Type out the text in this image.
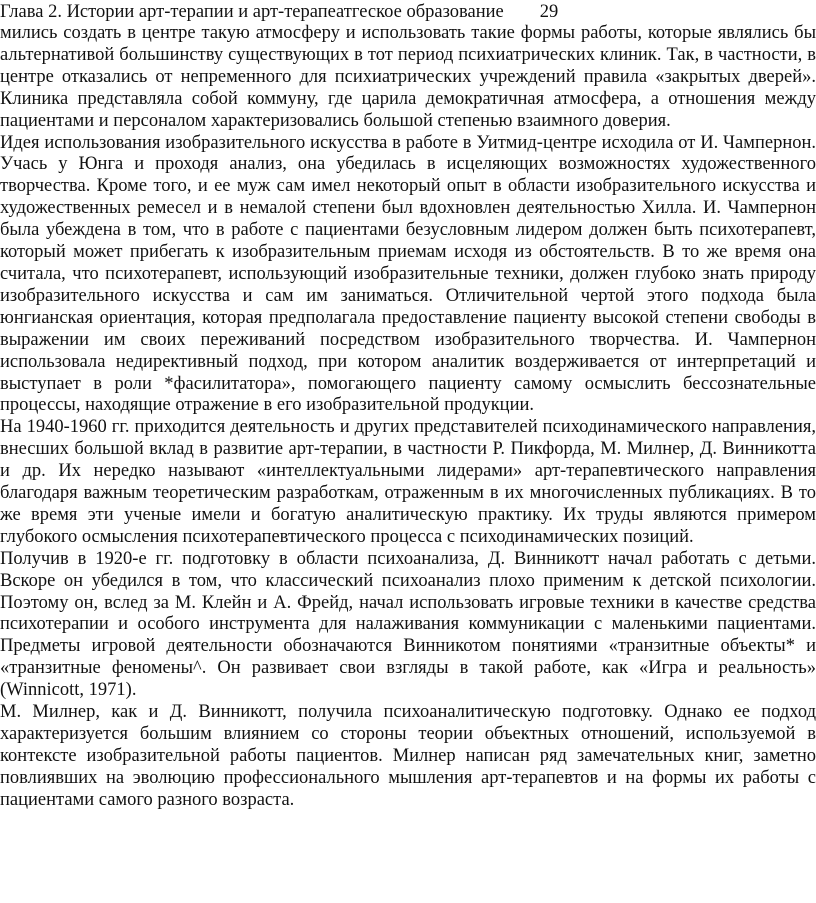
Глава 2. Истории арт-терапии и арт-терапеатгеское образование 29

мились создать в центре такую атмосферу и использовать такие формы работы, которые являлись бы альтернативой большинству существующих в тот период психиатрических клиник. Так, в частности, в центре отказались от непременного для психиатрических учреждений правила «закрытых дверей». Клиника представляла собой коммуну, где царила демократичная атмосфера, а отношения между пациентами и персоналом характеризовались большой степенью взаимного доверия.

Идея использования изобразительного искусства в работе в Уитмид-центре исходила от И. Чампернон. Учась у Юнга и проходя анализ, она убедилась в исцеляющих возможностях художественного творчества. Кроме того, и ее муж сам имел некоторый опыт в области изобразительного искусства и художественных ремесел и в немалой степени был вдохновлен деятельностью Хилла. И. Чампернон была убеждена в том, что в работе с пациентами безусловным лидером должен быть психотерапевт, который может прибегать к изобразительным приемам исходя из обстоятельств. В то же время она считала, что психотерапевт, использующий изобразительные техники, должен глубоко знать природу изобразительного искусства и сам им заниматься. Отличительной чертой этого подхода была юнгианская ориентация, которая предполагала предоставление пациенту высокой степени свободы в выражении им своих переживаний посредством изобразительного творчества. И. Чампернон использовала недирективный подход, при котором аналитик воздерживается от интерпретаций и выступает в роли *фасилитатора», помогающего пациенту самому осмыслить бессознательные процессы, находящие отражение в его изобразительной продукции.

На 1940-1960 гг. приходится деятельность и других представителей психодинамического направления, внесших большой вклад в развитие арт-терапии, в частности Р. Пикфорда, М. Милнер, Д. Винникотта и др. Их нередко называют «интеллектуальными лидерами» арт-терапевтического направления благодаря важным теоретическим разработкам, отраженным в их многочисленных публикациях. В то же время эти ученые имели и богатую аналитическую практику. Их труды являются примером глубокого осмысления психотерапевтического процесса с психодинамических позиций.

Получив в 1920-е гг. подготовку в области психоанализа, Д. Винникотт начал работать с детьми. Вскоре он убедился в том, что классический психоанализ плохо применим к детской психологии. Поэтому он, вслед за М. Клейн и А. Фрейд, начал использовать игровые техники в качестве средства психотерапии и особого инструмента для налаживания коммуникации с маленькими пациентами. Предметы игровой деятельности обозначаются Винникотом понятиями «транзитные объекты* и «транзитные феномены^. Он развивает свои взгляды в такой работе, как «Игра и реальность» (Winnicott, 1971).

М. Милнер, как и Д. Винникотт, получила психоаналитическую подготовку. Однако ее подход характеризуется большим влиянием со стороны теории объектных отношений, используемой в контексте изобразительной работы пациентов. Милнер написан ряд замечательных книг, заметно повлиявших на эволюцию профессионального мышления арт-терапевтов и на формы их работы с пациентами самого разного возраста.
